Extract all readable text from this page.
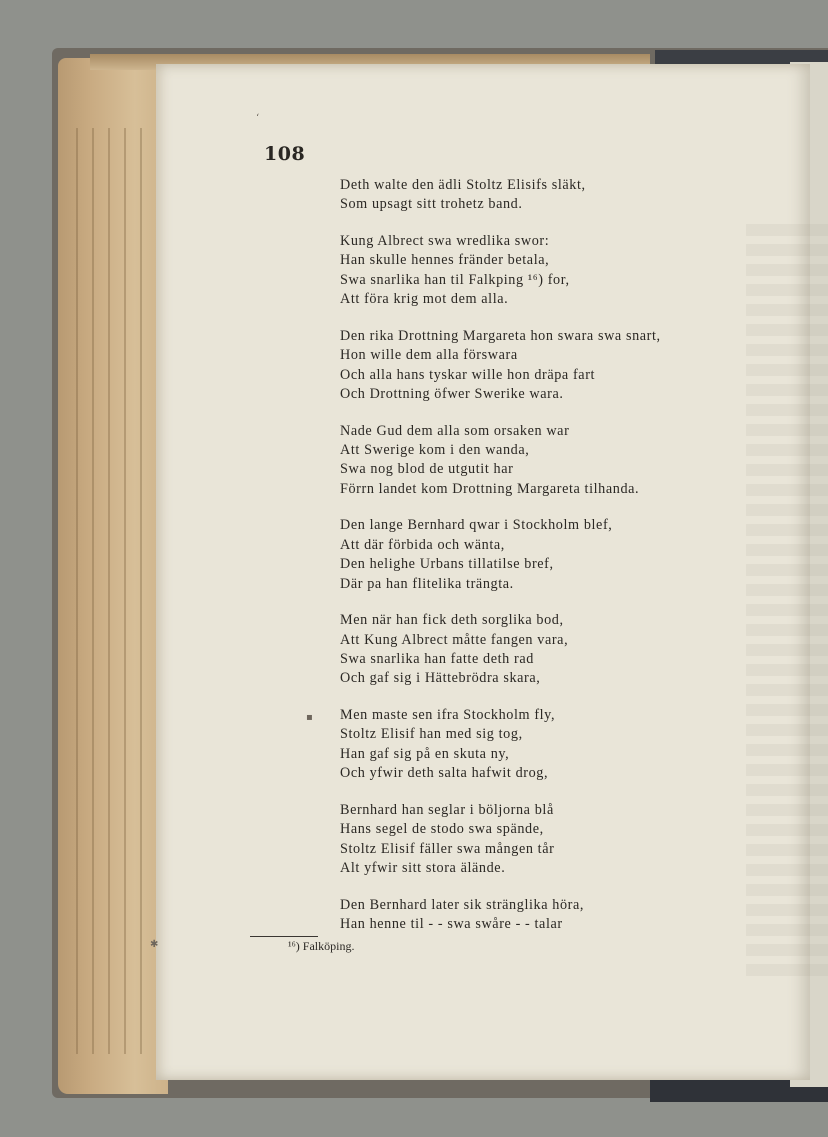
108
Deth walte den ädli Stoltz Elisifs släkt,
Som upsagt sitt trohetz band.
Kung Albrect swa wredlika swor:
Han skulle hennes fränder betala,
Swa snarlika han til Falkping ¹⁶) for,
Att föra krig mot dem alla.
Den rika Drottning Margareta hon swara swa snart,
Hon wille dem alla förswara
Och alla hans tyskar wille hon dräpa fart
Och Drottning öfwer Swerike wara.
Nade Gud dem alla som orsaken war
Att Swerige kom i den wanda,
Swa nog blod de utgutit har
Förrn landet kom Drottning Margareta tilhanda.
Den lange Bernhard qwar i Stockholm blef,
Att där förbida och wänta,
Den helighe Urbans tillatilse bref,
Där pa han flitelika trängta.
Men när han fick deth sorglika bod,
Att Kung Albrect måtte fangen vara,
Swa snarlika han fatte deth rad
Och gaf sig i Hättebrödra skara,
Men maste sen ifra Stockholm fly,
Stoltz Elisif han med sig tog,
Han gaf sig på en skuta ny,
Och yfwir deth salta hafwit drog,
Bernhard han seglar i böljorna blå
Hans segel de stodo swa spände,
Stoltz Elisif fäller swa mången tår
Alt yfwir sitt stora älände.
Den Bernhard later sik stränglika höra,
Han henne til - - swa swåre - - talar
¹⁶) Falköping.
‘
▪
✱
